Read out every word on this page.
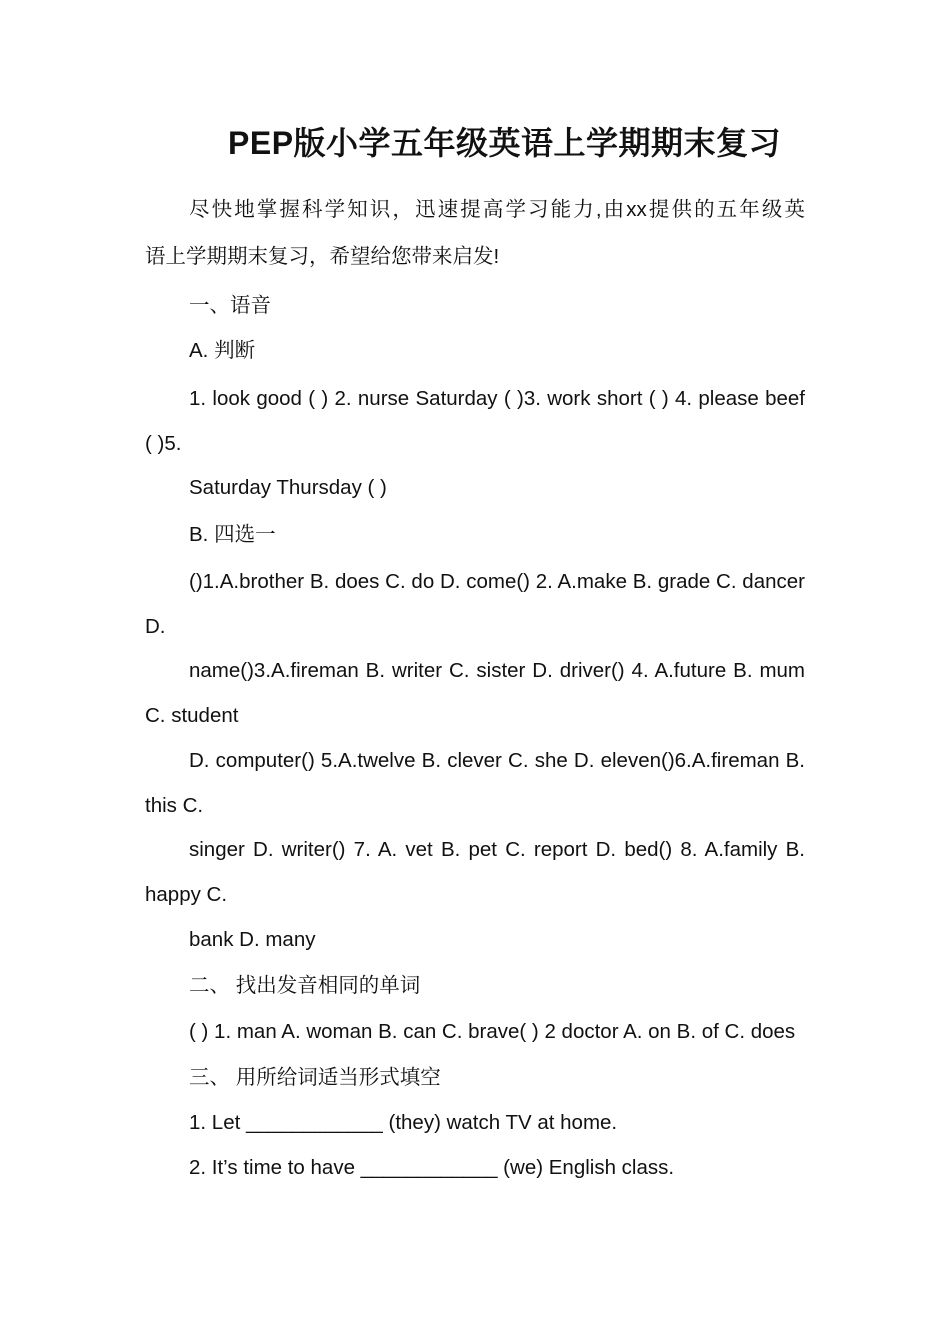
PEP版小学五年级英语上学期期末复习
尽快地掌握科学知识，迅速提高学习能力,由xx提供的五年级英
语上学期期末复习，希望给您带来启发!
一、语音
A. 判断
1. look good ( ) 2. nurse Saturday ( )3. work short ( ) 4. please beef
( )5.
Saturday Thursday ( )
B. 四选一
()1.A.brother B. does C. do D. come() 2. A.make B. grade C. dancer
D.
name()3.A.fireman B. writer C. sister D. driver() 4. A.future B. mum
C. student
D. computer() 5.A.twelve B. clever C. she D. eleven()6.A.fireman B.
this C.
singer D. writer() 7. A. vet B. pet C. report D. bed() 8. A.family B.
happy C.
bank D. many
二、 找出发音相同的单词
( ) 1. man A. woman B. can C. brave( ) 2 doctor A. on B. of C. does
三、 用所给词适当形式填空
1. Let ____________ (they) watch TV at home.
2. It’s time to have ____________ (we) English class.
